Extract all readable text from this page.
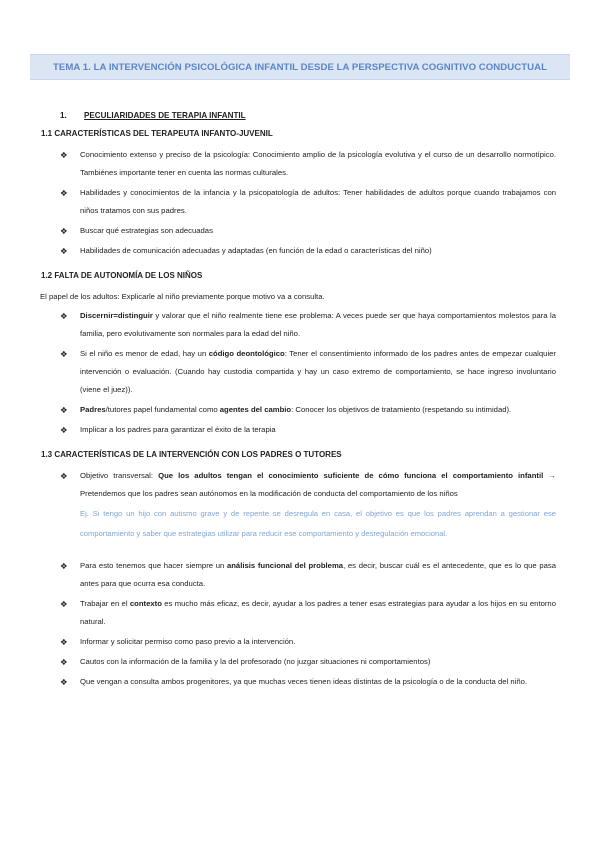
TEMA 1. LA INTERVENCIÓN PSICOLÓGICA INFANTIL DESDE LA PERSPECTIVA COGNITIVO CONDUCTUAL
1. PECULIARIDADES DE TERAPIA INFANTIL
1.1 CARACTERÍSTICAS DEL TERAPEUTA INFANTO-JUVENIL
❖ Conocimiento extenso y preciso de la psicología: Conocimiento amplio de la psicología evolutiva y el curso de un desarrollo normotípico. Tambiénes importante tener en cuenta las normas culturales.
❖ Habilidades y conocimientos de la infancia y la psicopatología de adultos: Tener habilidades de adultos porque cuando trabajamos con niños tratamos con sus padres.
❖ Buscar qué estrategias son adecuadas
❖ Habilidades de comunicación adecuadas y adaptadas (en función de la edad o características del niño)
1.2 FALTA DE AUTONOMÍA DE LOS NIÑOS
El papel de los adultos: Explicarle al niño previamente porque motivo va a consulta.
❖ Discernir=distinguir y valorar que el niño realmente tiene ese problema: A veces puede ser que haya comportamientos molestos para la familia, pero evolutivamente son normales para la edad del niño.
❖ Si el niño es menor de edad, hay un código deontológico: Tener el consentimiento informado de los padres antes de empezar cualquier intervención o evaluación. (Cuando hay custodia compartida y hay un caso extremo de comportamiento, se hace ingreso involuntario (viene el juez)).
❖ Padres/tutores papel fundamental como agentes del cambio: Conocer los objetivos de tratamiento (respetando su intimidad).
❖ Implicar a los padres para garantizar el éxito de la terapia
1.3 CARACTERÍSTICAS DE LA INTERVENCIÓN CON LOS PADRES O TUTORES
❖ Objetivo transversal: Que los adultos tengan el conocimiento suficiente de cómo funciona el comportamiento infantil → Pretendemos que los padres sean autónomos en la modificación de conducta del comportamiento de los niños
Ej. Si tengo un hijo con autismo grave y de repente se desregula en casa, el objetivo es que los padres aprendan a gestionar ese comportamiento y saber que estrategias utilizar para reducir ese comportamiento y desregulación emocional.
❖ Para esto tenemos que hacer siempre un análisis funcional del problema, es decir, buscar cuál es el antecedente, que es lo que pasa antes para que ocurra esa conducta.
❖ Trabajar en el contexto es mucho más eficaz, es decir, ayudar a los padres a tener esas estrategias para ayudar a los hijos en su entorno natural.
❖ Informar y solicitar permiso como paso previo a la intervención.
❖ Cautos con la información de la familia y la del profesorado (no juzgar situaciones ni comportamientos)
❖ Que vengan a consulta ambos progenitores, ya que muchas veces tienen ideas distintas de la psicología o de la conducta del niño.
